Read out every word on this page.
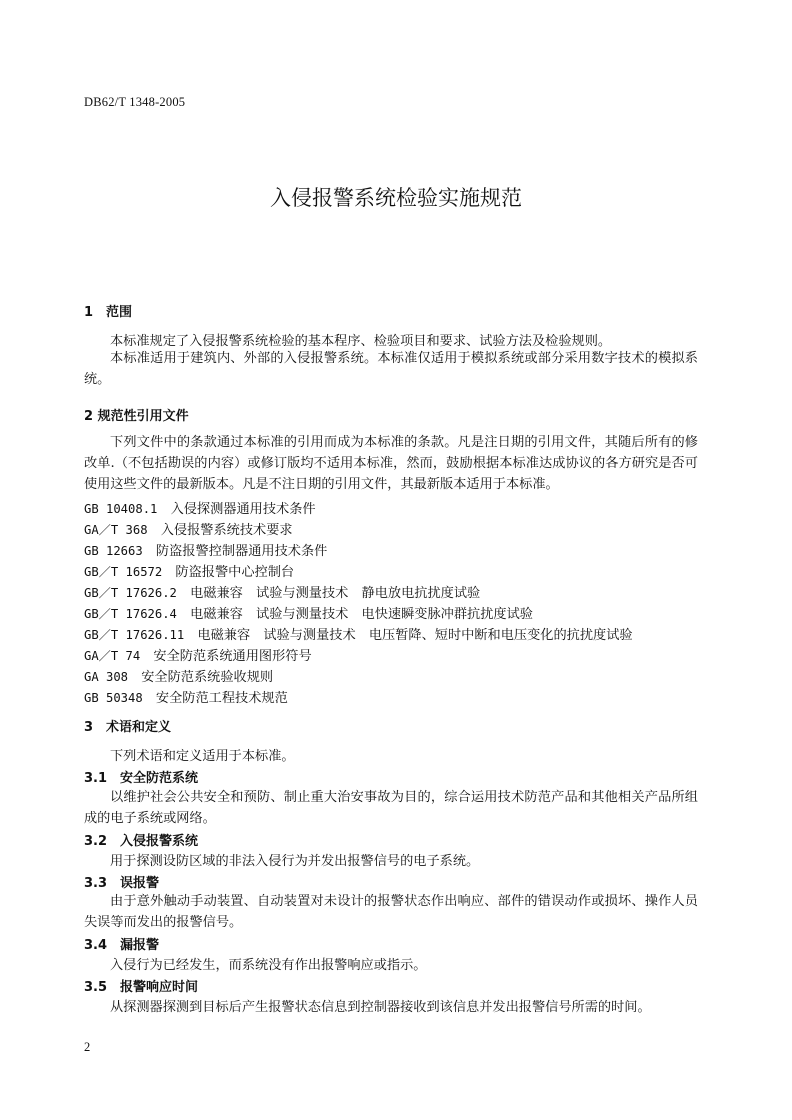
DB62/T 1348-2005
入侵报警系统检验实施规范
1 范围
本标准规定了入侵报警系统检验的基本程序、检验项目和要求、试验方法及检验规则。
本标准适用于建筑内、外部的入侵报警系统。本标准仅适用于模拟系统或部分采用数字技术的模拟系统。
2 规范性引用文件
下列文件中的条款通过本标准的引用而成为本标准的条款。凡是注日期的引用文件，其随后所有的修改单.（不包括勘误的内容）或修订版均不适用本标准，然而，鼓励根据本标准达成协议的各方研究是否可使用这些文件的最新版本。凡是不注日期的引用文件，其最新版本适用于本标准。
GB 10408.1　 入侵探测器通用技术条件
GA／T 368　 入侵报警系统技术要求
GB 12663　 防盗报警控制器通用技术条件
GB／T 16572　 防盗报警中心控制台
GB／T 17626.2　 电磁兼容　试验与测量技术　静电放电抗扰度试验
GB／T 17626.4　 电磁兼容　试验与测量技术　电快速瞬变脉冲群抗扰度试验
GB／T 17626.11　 电磁兼容　试验与测量技术　电压暂降、短时中断和电压变化的抗扰度试验
GA／T 74　 安全防范系统通用图形符号
GA 308　 安全防范系统验收规则
GB 50348　 安全防范工程技术规范
3 术语和定义
下列术语和定义适用于本标准。
3.1 安全防范系统
以维护社会公共安全和预防、制止重大治安事故为目的，综合运用技术防范产品和其他相关产品所组成的电子系统或网络。
3.2 入侵报警系统
用于探测设防区域的非法入侵行为并发出报警信号的电子系统。
3.3 误报警
由于意外触动手动装置、自动装置对未设计的报警状态作出响应、部件的错误动作或损坏、操作人员失误等而发出的报警信号。
3.4 漏报警
入侵行为已经发生，而系统没有作出报警响应或指示。
3.5 报警响应时间
从探测器探测到目标后产生报警状态信息到控制器接收到该信息并发出报警信号所需的时间。
2
